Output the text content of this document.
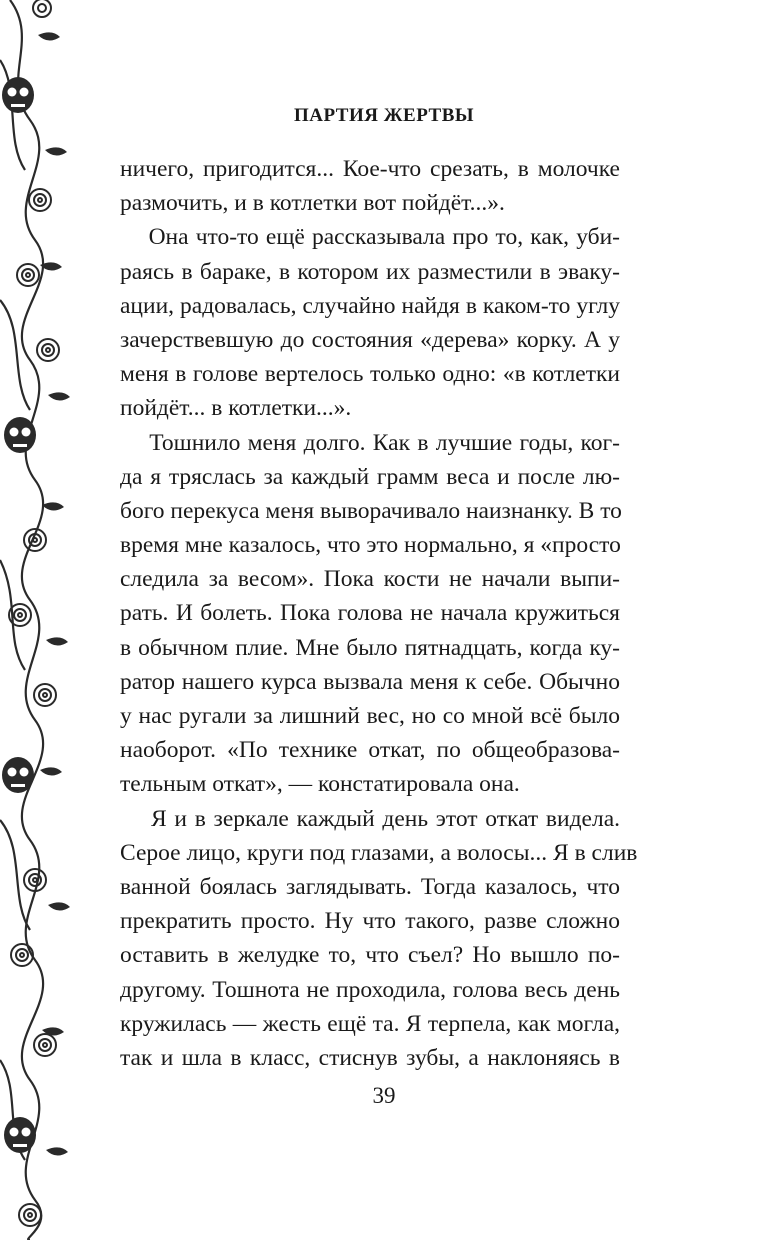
ПАРТИЯ ЖЕРТВЫ
ничего, пригодится... Кое-что срезать, в молочке
размочить, и в котлетки вот пойдёт...».
Она что-то ещё рассказывала про то, как, уби-
раясь в бараке, в котором их разместили в эваку-
ации, радовалась, случайно найдя в каком-то углу
зачерствевшую до состояния «дерева» корку. А у
меня в голове вертелось только одно: «в котлетки
пойдёт... в котлетки...».
Тошнило меня долго. Как в лучшие годы, ког-
да я тряслась за каждый грамм веса и после лю-
бого перекуса меня выворачивало наизнанку. В то
время мне казалось, что это нормально, я «просто
следила за весом». Пока кости не начали выпи-
рать. И болеть. Пока голова не начала кружиться
в обычном плие. Мне было пятнадцать, когда ку-
ратор нашего курса вызвала меня к себе. Обычно
у нас ругали за лишний вес, но со мной всё было
наоборот. «По технике откат, по общеобразова-
тельным откат», — констатировала она.
Я и в зеркале каждый день этот откат видела.
Серое лицо, круги под глазами, а волосы... Я в слив
ванной боялась заглядывать. Тогда казалось, что
прекратить просто. Ну что такого, разве сложно
оставить в желудке то, что съел? Но вышло по-
другому. Тошнота не проходила, голова весь день
кружилась — жесть ещё та. Я терпела, как могла,
так и шла в класс, стиснув зубы, а наклоняясь в
39
